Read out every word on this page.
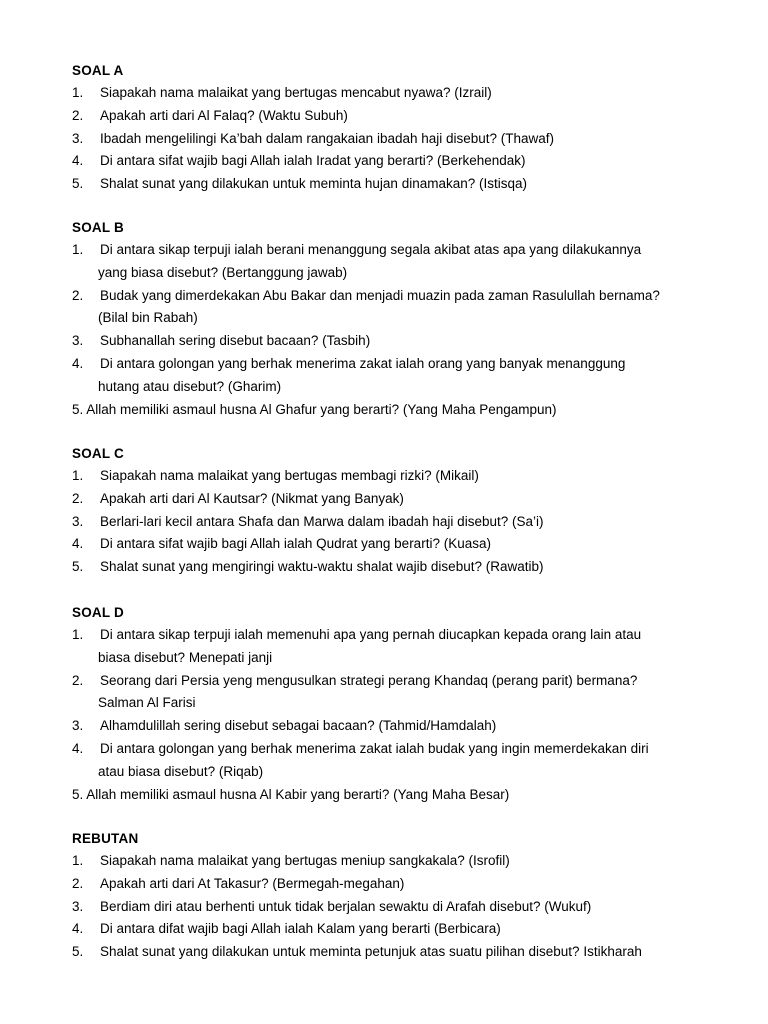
SOAL A
1.	Siapakah nama malaikat yang bertugas mencabut nyawa? (Izrail)
2.	Apakah arti dari Al Falaq? (Waktu Subuh)
3.	Ibadah mengelilingi Ka’bah dalam rangakaian ibadah haji disebut? (Thawaf)
4.	Di antara sifat wajib bagi Allah ialah Iradat yang berarti? (Berkehendak)
5.	Shalat sunat yang dilakukan untuk meminta hujan dinamakan? (Istisqa)
SOAL B
1.	Di antara sikap terpuji ialah berani menanggung segala akibat atas apa yang dilakukannya
yang biasa disebut? (Bertanggung jawab)
2.	Budak yang dimerdekakan Abu Bakar dan menjadi muazin pada zaman Rasulullah bernama?
(Bilal bin Rabah)
3.	Subhanallah sering disebut bacaan? (Tasbih)
4.	Di antara golongan yang berhak menerima zakat ialah orang yang banyak menanggung
hutang atau disebut? (Gharim)
5. Allah memiliki asmaul husna Al Ghafur yang berarti? (Yang Maha Pengampun)
SOAL C
1.	Siapakah nama malaikat yang bertugas membagi rizki? (Mikail)
2.	Apakah arti dari Al Kautsar? (Nikmat yang Banyak)
3.	Berlari-lari kecil antara Shafa dan Marwa dalam ibadah haji disebut? (Sa’i)
4.	Di antara sifat wajib bagi Allah ialah Qudrat yang berarti? (Kuasa)
5.	Shalat sunat yang mengiringi waktu-waktu shalat wajib disebut? (Rawatib)
SOAL D
1.	Di antara sikap terpuji ialah memenuhi apa yang pernah diucapkan kepada orang lain atau
biasa disebut? Menepati janji
2.	Seorang dari Persia yeng mengusulkan strategi perang Khandaq (perang parit) bermana?
Salman Al Farisi
3.	Alhamdulillah sering disebut sebagai bacaan? (Tahmid/Hamdalah)
4.	Di antara golongan yang berhak menerima zakat ialah budak yang ingin memerdekakan diri
atau biasa disebut? (Riqab)
5. Allah memiliki asmaul husna Al Kabir yang berarti? (Yang Maha Besar)
REBUTAN
1.	Siapakah nama malaikat yang bertugas meniup sangkakala? (Isrofil)
2.	Apakah arti dari At Takasur? (Bermegah-megahan)
3.	Berdiam diri atau berhenti untuk tidak berjalan sewaktu di Arafah disebut? (Wukuf)
4.	Di antara difat wajib bagi Allah ialah Kalam yang berarti (Berbicara)
5.	Shalat sunat yang dilakukan untuk meminta petunjuk atas suatu pilihan disebut? Istikharah
